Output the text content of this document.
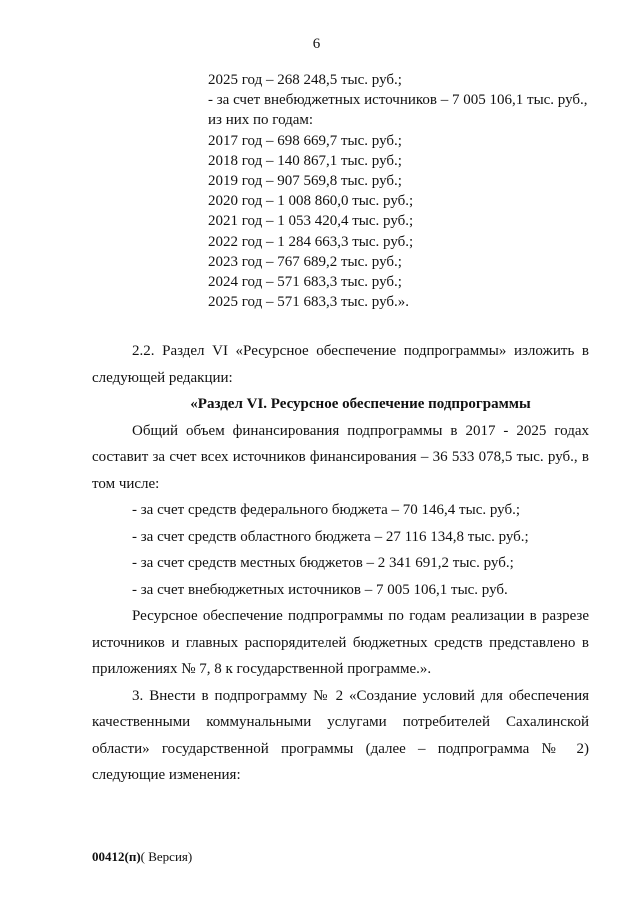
6
2025 год – 268 248,5 тыс. руб.;
- за счет внебюджетных источников – 7 005 106,1 тыс. руб.,
из них по годам:
2017 год – 698 669,7 тыс. руб.;
2018 год – 140 867,1 тыс. руб.;
2019 год – 907 569,8 тыс. руб.;
2020 год – 1 008 860,0 тыс. руб.;
2021 год – 1 053 420,4 тыс. руб.;
2022 год – 1 284 663,3 тыс. руб.;
2023 год – 767 689,2 тыс. руб.;
2024 год – 571 683,3 тыс. руб.;
2025 год – 571 683,3 тыс. руб.».

2.2. Раздел VI «Ресурсное обеспечение подпрограммы» изложить в следующей редакции:

«Раздел VI. Ресурсное обеспечение подпрограммы

Общий объем финансирования подпрограммы в 2017 - 2025 годах составит за счет всех источников финансирования – 36 533 078,5 тыс. руб., в том числе:

- за счет средств федерального бюджета – 70 146,4 тыс. руб.;
- за счет средств областного бюджета – 27 116 134,8 тыс. руб.;
- за счет средств местных бюджетов – 2 341 691,2 тыс. руб.;
- за счет внебюджетных источников – 7 005 106,1 тыс. руб.

Ресурсное обеспечение подпрограммы по годам реализации в разрезе источников и главных распорядителей бюджетных средств представлено в приложениях № 7, 8 к государственной программе.».

3. Внести в подпрограмму № 2 «Создание условий для обеспечения качественными коммунальными услугами потребителей Сахалинской области» государственной программы (далее – подпрограмма № 2) следующие изменения:

00412(п)( Версия)
